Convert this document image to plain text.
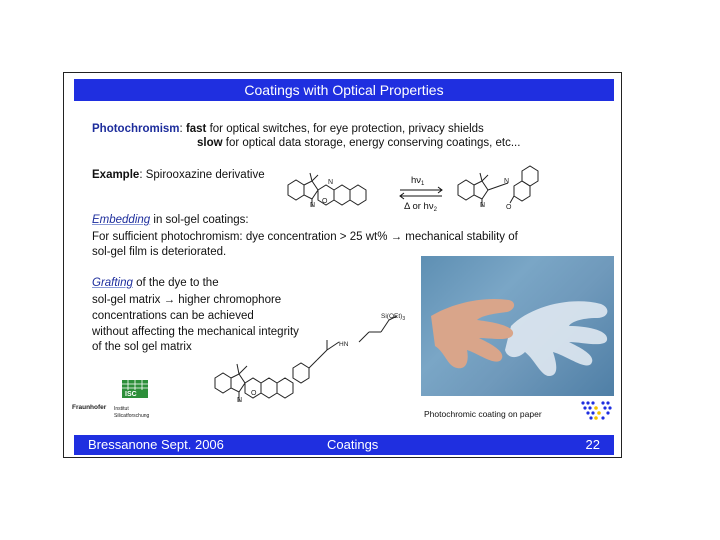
Coatings with Optical Properties
Photochromism: fast for optical switches, for eye protection, privacy shields
slow for optical data storage, energy conserving coatings, etc...
Example: Spirooxazine derivative
N
O
N	$h\nu_1$
Δ or $h\nu_2$
N
N
O
Embedding in sol-gel coatings:
For sufficient photochromism: dye concentration > 25 wt% → mechanical stability of
sol-gel film is deteriorated.
Grafting of the dye to the
sol-gel matrix → higher chromophore
concentrations can be achieved
without affecting the mechanical integrity
of the sol gel matrix
N
O
HN
$Si(OEt)_3$
Photochromic coating on paper
ISC
Fraunhofer Institut
Silicatforschung
Bressanone Sept. 2006	Coatings	22
